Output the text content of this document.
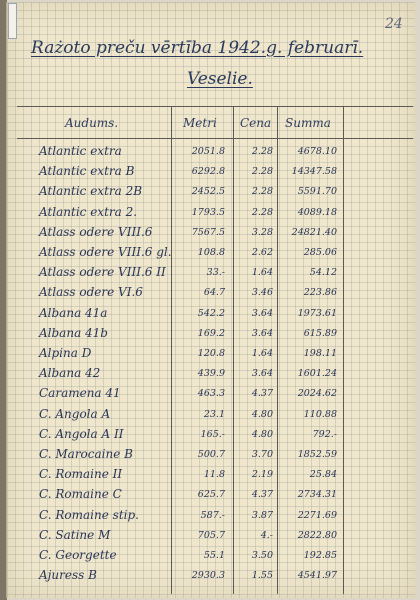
24
Rażoto preču vērtība 1942.g. februarī.
Veselie.
Audums.	Metri Cena Summa
Atlantic extra	2051.8	2.28	4678.10
Atlantic extra B	6292.8	2.28	14347.58
Atlantic extra 2B	2452.5	2.28	5591.70
Atlantic extra 2.	1793.5	2.28	4089.18
Atlass odere VIII.6	7567.5	3.28	24821.40
Atlass odere VIII.6 gl.	108.8	2.62	285.06
Atlass odere VIII.6 II	33.-	1.64	54.12
Atlass odere VI.6	64.7	3.46	223.86
Albana 41a	542.2	3.64	1973.61
Albana 41b	169.2	3.64	615.89
Alpina D	120.8	1.64	198.11
Albana 42	439.9	3.64	1601.24
Caramena 41	463.3	4.37	2024.62
C. Angola A	23.1	4.80	110.88
C. Angola A II	165.-	4.80	792.-
C. Marocaine B	500.7	3.70	1852.59
C. Romaine II	11.8	2.19	25.84
C. Romaine C	625.7	4.37	2734.31
C. Romaine stip.	587.-	3.87	2271.69
C. Satine M	705.7	4.-	2822.80
C. Georgette	55.1	3.50	192.85
Ajuress B	2930.3	1.55	4541.97
